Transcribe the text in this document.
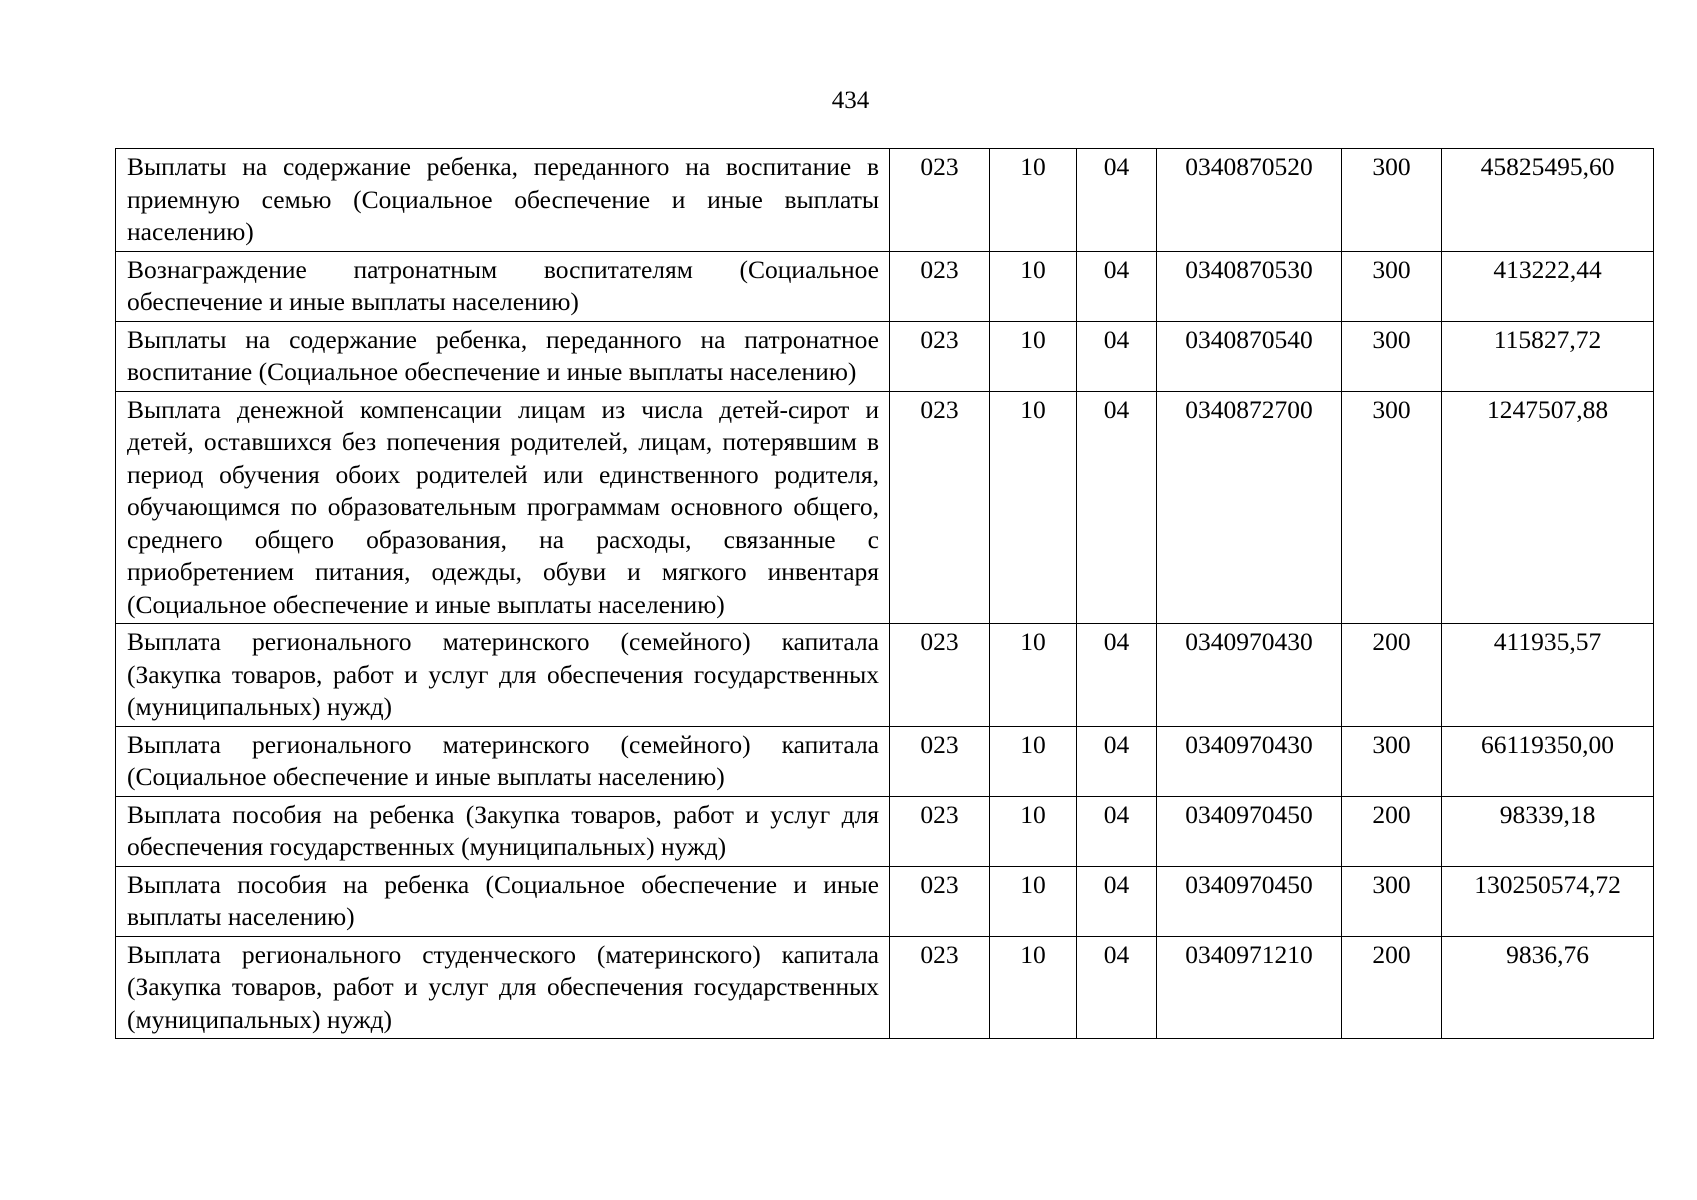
434
Выплаты на содержание ребенка, переданного на воспитание в приемную семью (Социальное обеспечение и иные выплаты населению)	023	10	04	0340870520	300	45825495,60
Вознаграждение патронатным воспитателям (Социальное обеспечение и иные выплаты населению)	023	10	04	0340870530	300	413222,44
Выплаты на содержание ребенка, переданного на патронатное воспитание (Социальное обеспечение и иные выплаты населению)	023	10	04	0340870540	300	115827,72
Выплата денежной компенсации лицам из числа детей-сирот и детей, оставшихся без попечения родителей, лицам, потерявшим в период обучения обоих родителей или единственного родителя, обучающимся по образовательным программам основного общего, среднего общего образования, на расходы, связанные с приобретением питания, одежды, обуви и мягкого инвентаря (Социальное обеспечение и иные выплаты населению)	023	10	04	0340872700	300	1247507,88
Выплата регионального материнского (семейного) капитала (Закупка товаров, работ и услуг для обеспечения государственных (муниципальных) нужд)	023	10	04	0340970430	200	411935,57
Выплата регионального материнского (семейного) капитала (Социальное обеспечение и иные выплаты населению)	023	10	04	0340970430	300	66119350,00
Выплата пособия на ребенка (Закупка товаров, работ и услуг для обеспечения государственных (муниципальных) нужд)	023	10	04	0340970450	200	98339,18
Выплата пособия на ребенка (Социальное обеспечение и иные выплаты населению)	023	10	04	0340970450	300	130250574,72
Выплата регионального студенческого (материнского) капитала (Закупка товаров, работ и услуг для обеспечения государственных (муниципальных) нужд)	023	10	04	0340971210	200	9836,76
